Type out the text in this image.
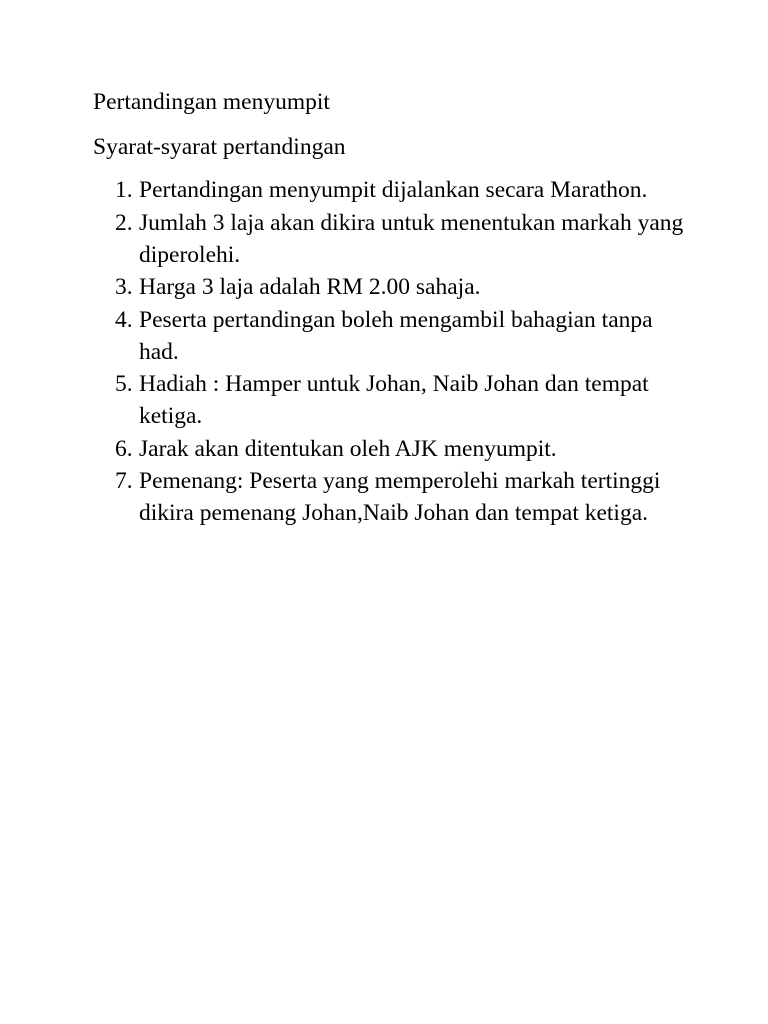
Pertandingan menyumpit

Syarat-syarat pertandingan

1. Pertandingan menyumpit dijalankan secara Marathon.
2. Jumlah 3 laja akan dikira untuk menentukan markah yang diperolehi.
3. Harga 3 laja adalah RM 2.00 sahaja.
4. Peserta pertandingan boleh mengambil bahagian tanpa had.
5. Hadiah : Hamper untuk Johan, Naib Johan dan tempat ketiga.
6. Jarak akan ditentukan oleh AJK menyumpit.
7. Pemenang: Peserta yang memperolehi markah tertinggi dikira pemenang Johan,Naib Johan dan tempat ketiga.
